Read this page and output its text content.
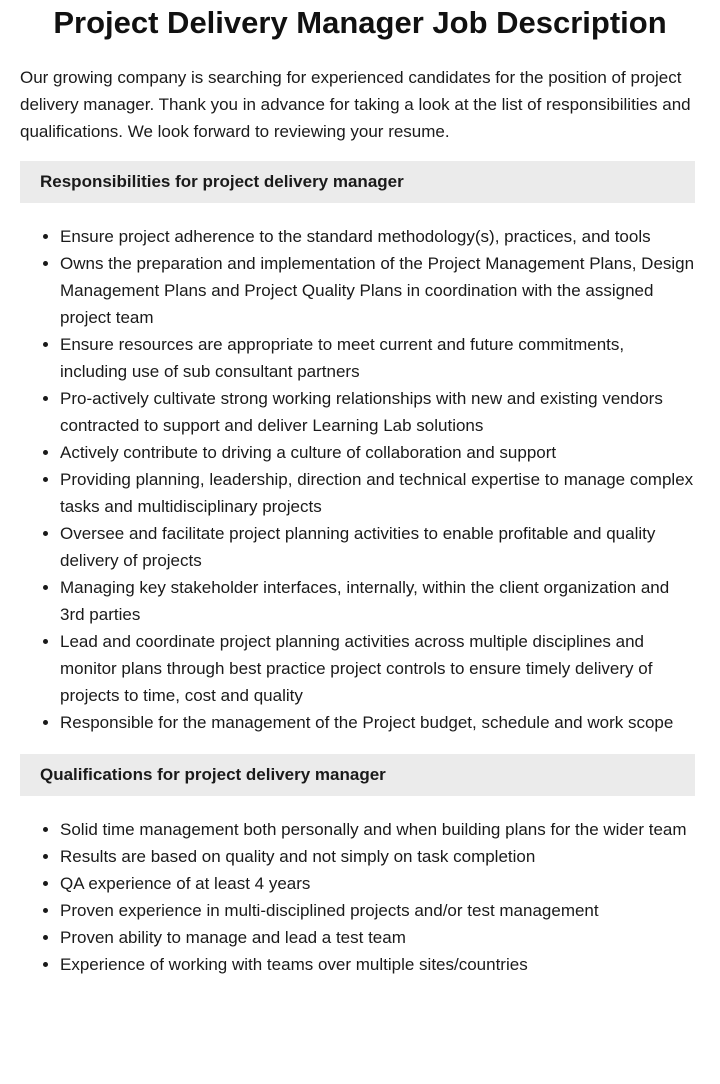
Project Delivery Manager Job Description

Our growing company is searching for experienced candidates for the position of project delivery manager. Thank you in advance for taking a look at the list of responsibilities and qualifications. We look forward to reviewing your resume.

Responsibilities for project delivery manager
• Ensure project adherence to the standard methodology(s), practices, and tools
• Owns the preparation and implementation of the Project Management Plans, Design Management Plans and Project Quality Plans in coordination with the assigned project team
• Ensure resources are appropriate to meet current and future commitments, including use of sub consultant partners
• Pro-actively cultivate strong working relationships with new and existing vendors contracted to support and deliver Learning Lab solutions
• Actively contribute to driving a culture of collaboration and support
• Providing planning, leadership, direction and technical expertise to manage complex tasks and multidisciplinary projects
• Oversee and facilitate project planning activities to enable profitable and quality delivery of projects
• Managing key stakeholder interfaces, internally, within the client organization and 3rd parties
• Lead and coordinate project planning activities across multiple disciplines and monitor plans through best practice project controls to ensure timely delivery of projects to time, cost and quality
• Responsible for the management of the Project budget, schedule and work scope
Qualifications for project delivery manager
• Solid time management both personally and when building plans for the wider team
• Results are based on quality and not simply on task completion
• QA experience of at least 4 years
• Proven experience in multi-disciplined projects and/or test management
• Proven ability to manage and lead a test team
• Experience of working with teams over multiple sites/countries
